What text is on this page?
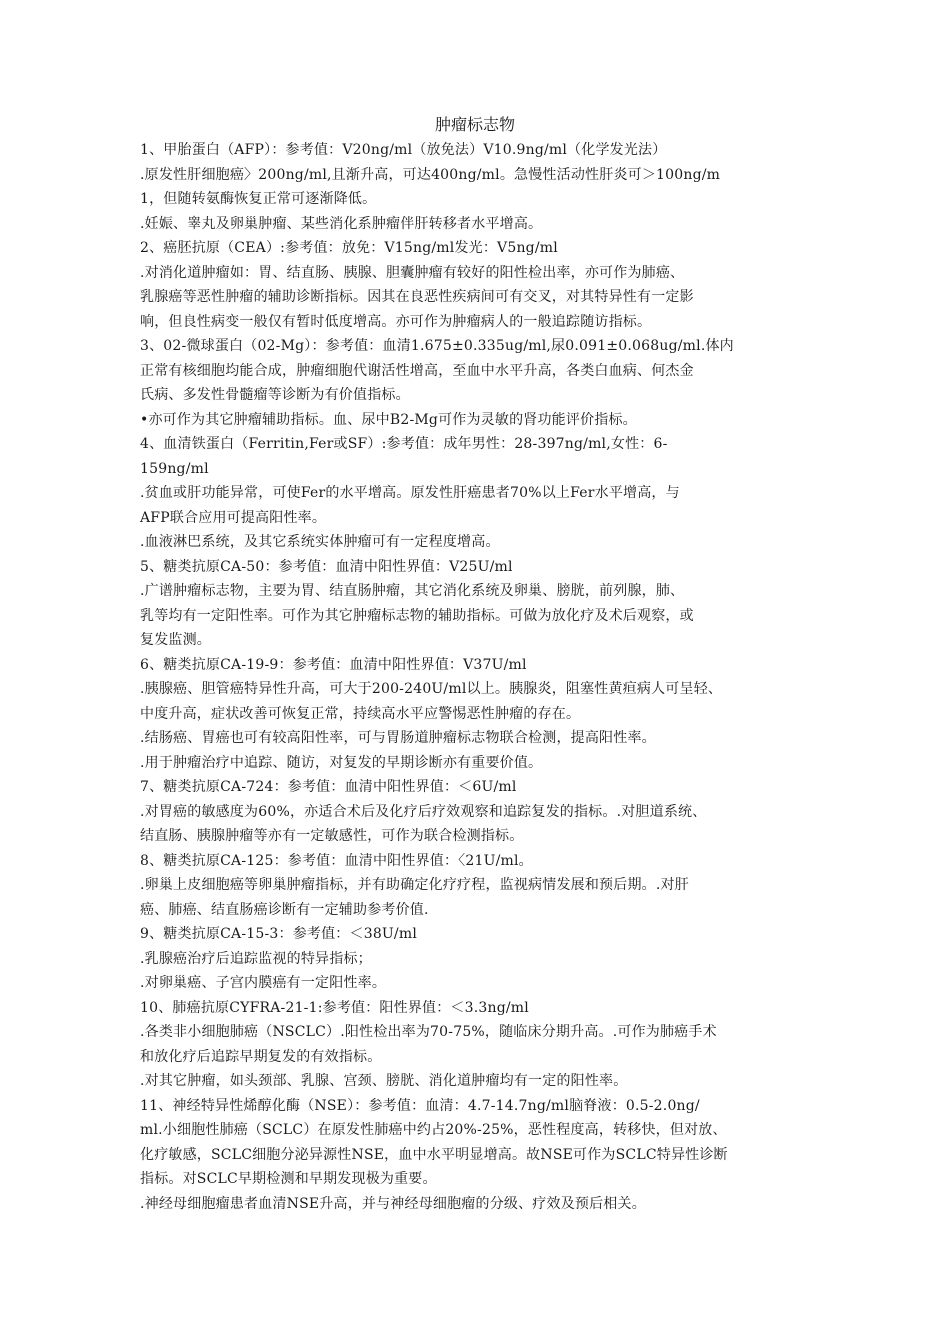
肿瘤标志物
1、甲胎蛋白（AFP）：参考值：V20ng/ml（放免法）V10.9ng/ml（化学发光法）
.原发性肝细胞癌〉200ng/ml,且渐升高，可达400ng/ml。急慢性活动性肝炎可＞100ng/m
1，但随转氨酶恢复正常可逐渐降低。
.妊娠、睾丸及卵巢肿瘤、某些消化系肿瘤伴肝转移者水平增高。
2、癌胚抗原（CEA）:参考值：放免：V15ng/ml发光：V5ng/ml
.对消化道肿瘤如：胃、结直肠、胰腺、胆囊肿瘤有较好的阳性检出率，亦可作为肺癌、
乳腺癌等恶性肿瘤的辅助诊断指标。因其在良恶性疾病间可有交叉，对其特异性有一定影
响，但良性病变一般仅有暂时低度增高。亦可作为肿瘤病人的一般追踪随访指标。
3、02-微球蛋白（02-Mg）：参考值：血清1.675±0.335ug/ml,尿0.091±0.068ug/ml.体内
正常有核细胞均能合成，肿瘤细胞代谢活性增高，至血中水平升高，各类白血病、何杰金
氏病、多发性骨髓瘤等诊断为有价值指标。
•亦可作为其它肿瘤辅助指标。血、尿中B2-Mg可作为灵敏的肾功能评价指标。
4、血清铁蛋白（Ferritin,Fer或SF）:参考值：成年男性：28-397ng/ml,女性：6-
159ng/ml
.贫血或肝功能异常，可使Fer的水平增高。原发性肝癌患者70%以上Fer水平增高，与
AFP联合应用可提高阳性率。
.血液淋巴系统，及其它系统实体肿瘤可有一定程度增高。
5、糖类抗原CA-50：参考值：血清中阳性界值：V25U/ml
.广谱肿瘤标志物，主要为胃、结直肠肿瘤，其它消化系统及卵巢、膀胱，前列腺，肺、
乳等均有一定阳性率。可作为其它肿瘤标志物的辅助指标。可做为放化疗及术后观察，或
复发监测。
6、糖类抗原CA-19-9：参考值：血清中阳性界值：V37U/ml
.胰腺癌、胆管癌特异性升高，可大于200-240U/ml以上。胰腺炎，阻塞性黄疸病人可呈轻、
中度升高，症状改善可恢复正常，持续高水平应警惕恶性肿瘤的存在。
.结肠癌、胃癌也可有较高阳性率，可与胃肠道肿瘤标志物联合检测，提高阳性率。
.用于肿瘤治疗中追踪、随访，对复发的早期诊断亦有重要价值。
7、糖类抗原CA-724：参考值：血清中阳性界值：＜6U/ml
.对胃癌的敏感度为60%，亦适合术后及化疗后疗效观察和追踪复发的指标。.对胆道系统、
结直肠、胰腺肿瘤等亦有一定敏感性，可作为联合检测指标。
8、糖类抗原CA-125：参考值：血清中阳性界值：〈21U/ml。
.卵巢上皮细胞癌等卵巢肿瘤指标，并有助确定化疗疗程，监视病情发展和预后期。.对肝
癌、肺癌、结直肠癌诊断有一定辅助参考价值.
9、糖类抗原CA-15-3：参考值：＜38U/ml
.乳腺癌治疗后追踪监视的特异指标；
.对卵巢癌、子宫内膜癌有一定阳性率。
10、肺癌抗原CYFRA-21-1:参考值：阳性界值：＜3.3ng/ml
.各类非小细胞肺癌（NSCLC）.阳性检出率为70-75%，随临床分期升高。.可作为肺癌手术
和放化疗后追踪早期复发的有效指标。
.对其它肿瘤，如头颈部、乳腺、宫颈、膀胱、消化道肿瘤均有一定的阳性率。
11、神经特异性烯醇化酶（NSE）：参考值：血清：4.7-14.7ng/ml脑脊液：0.5-2.0ng/
ml.小细胞性肺癌（SCLC）在原发性肺癌中约占20%-25%，恶性程度高，转移快，但对放、
化疗敏感，SCLC细胞分泌异源性NSE，血中水平明显增高。故NSE可作为SCLC特异性诊断
指标。对SCLC早期检测和早期发现极为重要。
.神经母细胞瘤患者血清NSE升高，并与神经母细胞瘤的分级、疗效及预后相关。
